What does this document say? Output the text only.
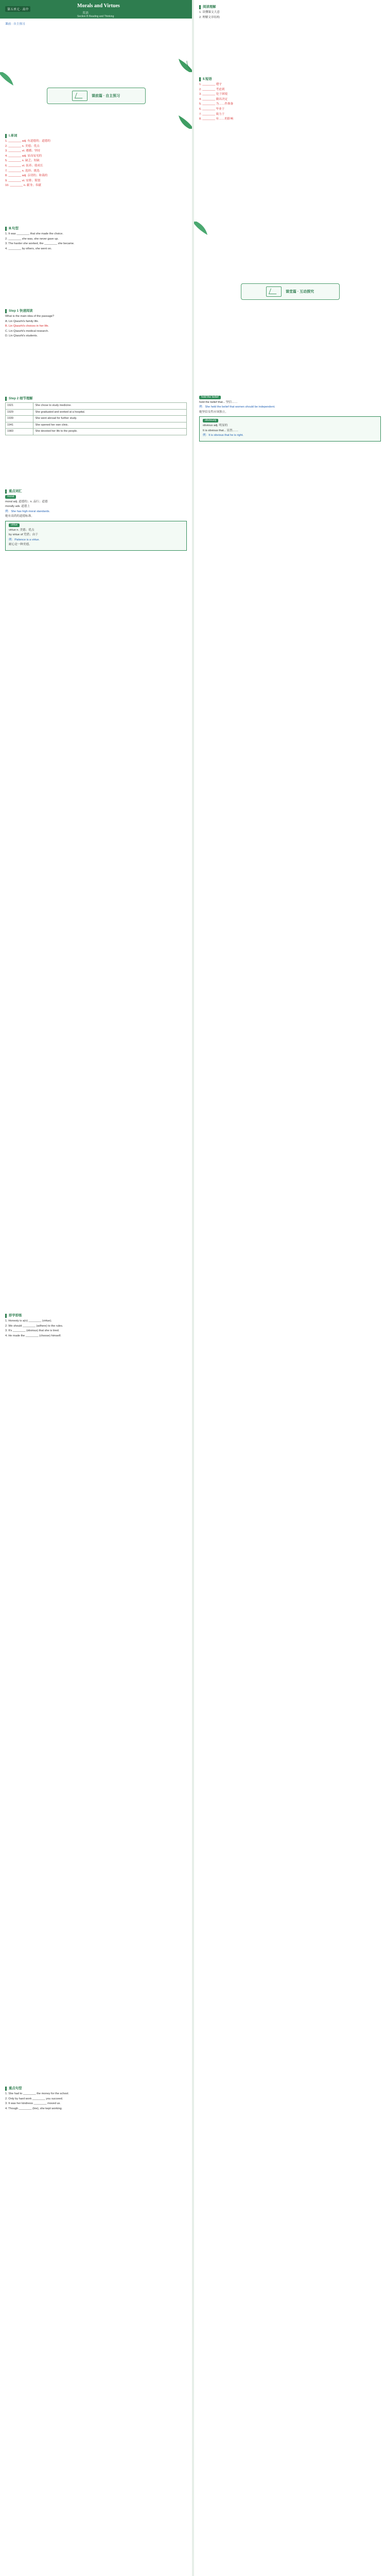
第五单元 · 高中
Morals and Virtues
英语
Section B Reading and Thinking

课前 · 自主预习

课前篇 · 自主预习
Ⅰ.单词

1. ________ adj. 有道德的；道德的

2. ________ n. 美德；优点

3. ________ vt. 遵循；坚持

4. ________ adj. 显而易见的

5. ________ n. 缺乏；短缺

6. ________ vt. 抚养；使成长

7. ________ n. 选择；挑选

8. ________ adj. 亲切的；和蔼的

9. ________ vt. 安排；策划

10. ________ n. 献身；奉献

Ⅲ.句型

1. It was ________ that she made the choice.

2. ________ she was, she never gave up.

3. The harder she worked, the ________ she became.

4. ________ by others, she went on.

Step 1 快速阅读

What is the main idea of the passage?

A. Lin Qiaozhi's family life.

B. Lin Qiaozhi's choices in her life.

C. Lin Qiaozhi's medical research.

D. Lin Qiaozhi's students.

Step 2 细节理解
1921	She chose to study medicine.
1929	She graduated and worked at a hospital.
1939	She went abroad for further study.
1941	She opened her own clinic.
1983	She devoted her life to the people.
重点词汇

moral

moral adj. 道德的；n. 品行；道德

morally adv. 道德上

例：She has high moral standards.

她有高尚的道德标准。

virtue

virtue n. 美德；优点

by virtue of 凭借；由于

例：Patience is a virtue.

耐心是一种美德。

即学即练

1. Honesty is a(n) ________ (virtue).

2. We should ________ (adhere) to the rules.

3. It's ________ (obvious) that she is tired.

4. He made the ________ (choose) himself.

重点句型

1. She had to ________ the money for the school.

2. Only by hard work ________ you succeed.

3. It was her kindness ________ moved us.

4. Though ________ (tire), she kept working.

阅读理解

1. 读懂课文大意

2. 理解文章结构

Ⅱ.短语

1. ________ 遵守

2. ________ 考虑到

3. ________ 处于困境

4. ________ 做出决定

5. ________ 为……作准备

6. ________ 毕业于

7. ________ 致力于

8. ________ 有……的影响

课堂篇 · 互动探究

hold the belief

hold the belief that... 坚信……

例：She held the belief that women should be independent.

她坚信女性应该独立。

obviously

obvious adj. 明显的

It is obvious that... 显然……

例：It is obvious that he is right.
